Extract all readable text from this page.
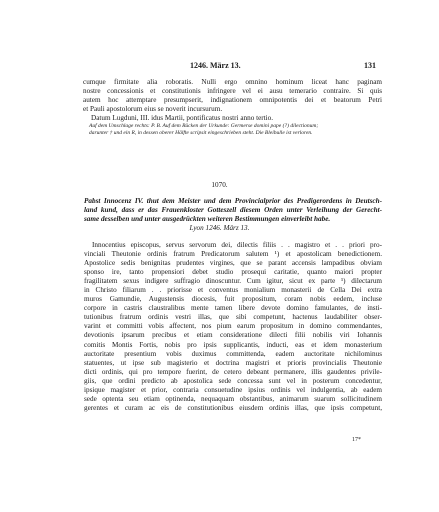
1246. März 13.	131
cumque firmitate alia roboratis. Nulli ergo omnino hominum liceat hanc paginam
nostre concessionis et constitutionis infringere vel ei ausu temerario contraire. Si quis
autem hoc attemptare presumpserit, indignationem omnipotentis dei et beatorum Petri
et Pauli apostolorum eius se noverit incursurum.
Datum Lugduni, III. idus Martii, pontificatus nostri anno tertio.
Auf dem Umschlage rechts: P. B. Auf dem Rücken der Urkunde: Germerse domini pape (?) dilectionum;
darunter † und ein R, in dessen oberer Hälfte scripsit eingeschrieben steht. Die Bleibulle ist verloren.
1070.
Pabst Innocenz IV. thut dem Meister und dem Provincialprior des Predigerordens in Deutsch-
land kund, dass er das Frauenkloster Gotteszell diesem Orden unter Verleihung der Gerecht-
same desselben und unter ausgedrückten weiteren Bestimmungen einverleibt habe.
Lyon 1246. März 13.
Innocentius episcopus, servus servorum dei, dilectis filiis . . magistro et . . priori pro-
vinciali Theutonie ordinis fratrum Predicatorum salutem ¹) et apostolicam benedictionem.
Apostolice sedis benignitas prudentes virgines, que se parant accensis lampadibus obviam
sponso ire, tanto propensiori debet studio prosequi caritatie, quanto maiori propter
fragilitatem sexus indigere suffragio dinoscuntur. Cum igitur, sicut ex parte ¹) dilectarum
in Christo filiarum . . priorisse et conventus monialium monasterii de Cella Dei extra
muros Gamundie, Augustensis diocesis, fuit propositum, coram nobis eedem, incluse
corpore in castris claustralibus mente tamen libere devote domino famulantes, de insti-
tutionibus fratrum ordinis vestri illas, que sibi competunt, hactenus laudabiliter obser-
varint et committi vobis affectent, nos pium earum propositum in domino commendantes,
devotionis ipsarum precibus et etiam consideratione dilecti filii nobilis viri Iohannis
comitis Montis Fortis, nobis pro ipsis supplicantis, inducti, eas et idem monasterium
auctoritate presentium vobis duximus committenda, eadem auctoritate nichilominus
statuentes, ut ipse sub magisterio et doctrina magistri et prioris provincialis Theutonie
dicti ordinis, qui pro tempore fuerint, de cetero debeant permanere, illis gaudentes privile-
giis, que ordini predicto ab apostolica sede concessa sunt vel in posterum concedentur,
ipsique magister et prior, contraria consuetudine ipsius ordinis vel indulgentia, ab eadem
sede optenta seu etiam optinenda, nequaquam obstantibus, animarum suarum sollicitudinem
gerentes et curam ac eis de constitutionibus eiusdem ordinis illas, que ipsis competunt,
17*
